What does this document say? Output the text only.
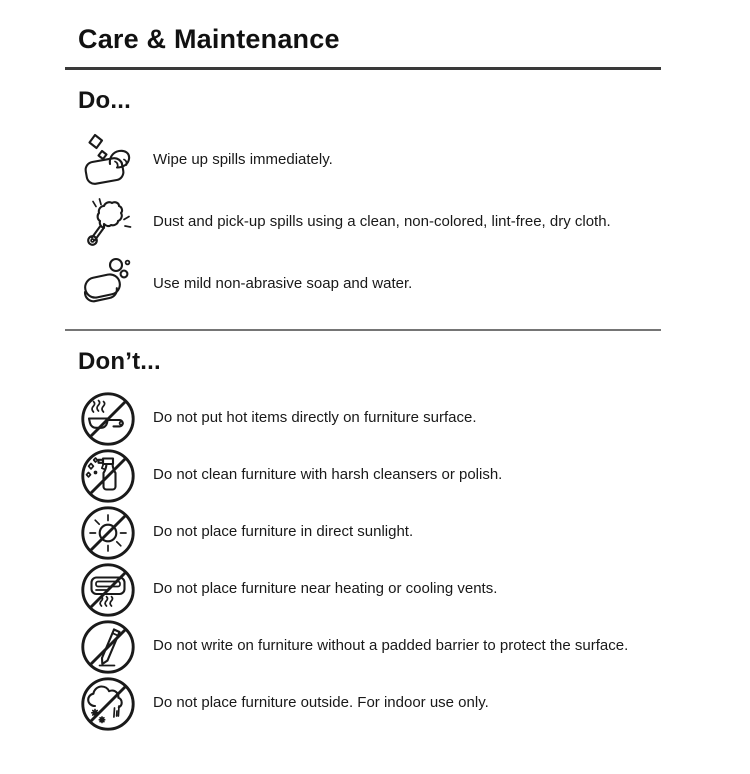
Care & Maintenance
Do...
Wipe up spills immediately.
Dust and pick-up spills using a clean, non-colored, lint-free, dry cloth.
Use mild non-abrasive soap and water.
Don’t...
Do not put hot items directly on furniture surface.
Do not clean furniture with harsh cleansers or polish.
Do not place furniture in direct sunlight.
Do not place furniture near heating or cooling vents.
Do not write on furniture without a padded barrier to protect the surface.
Do not place furniture outside. For indoor use only.
